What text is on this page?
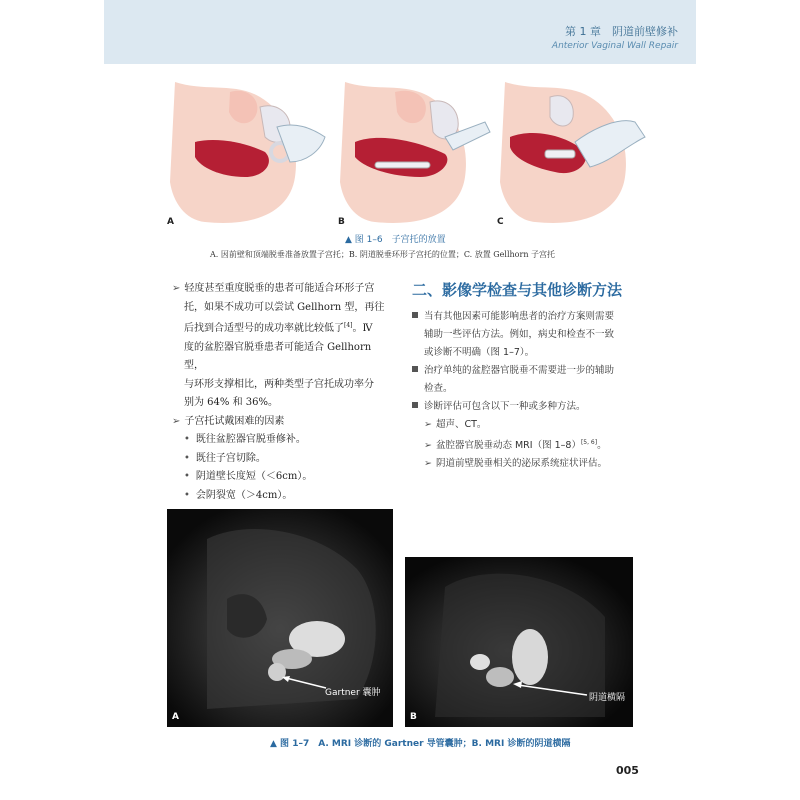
第 1 章　阴道前壁修补
Anterior Vaginal Wall Repair
A	B	C
▲ 图 1–6　子宫托的放置
A. 因前壁和顶端脱垂准备放置子宫托；B. 阴道脱垂环形子宫托的位置；C. 放置 Gellhorn 子宫托

➢ 轻度甚至重度脱垂的患者可能适合环形子宫

托，如果不成功可以尝试 Gellhorn 型，再往

后找到合适型号的成功率就比较低了[4]。Ⅳ

度的盆腔器官脱垂患者可能适合 Gellhorn 型，

与环形支撑相比，两种类型子宫托成功率分

别为 64% 和 36%。

➢ 子宫托试戴困难的因素

• 既往盆腔器官脱垂修补。

• 既往子宫切除。

• 阴道壁长度短（＜6cm）。

• 会阴裂宽（＞4cm）。

二、影像学检查与其他诊断方法

当有其他因素可能影响患者的治疗方案则需要

辅助一些评估方法。例如，病史和检查不一致

或诊断不明确（图 1–7）。

治疗单纯的盆腔器官脱垂不需要进一步的辅助

检查。

诊断评估可包含以下一种或多种方法。

➢ 超声、CT。

➢ 盆腔器官脱垂动态 MRI（图 1–8）[5, 6]。

➢ 阴道前壁脱垂相关的泌尿系统症状评估。

A
Gartner 囊肿
B
阴道横隔
▲ 图 1–7　A. MRI 诊断的 Gartner 导管囊肿；B. MRI 诊断的阴道横隔
005
